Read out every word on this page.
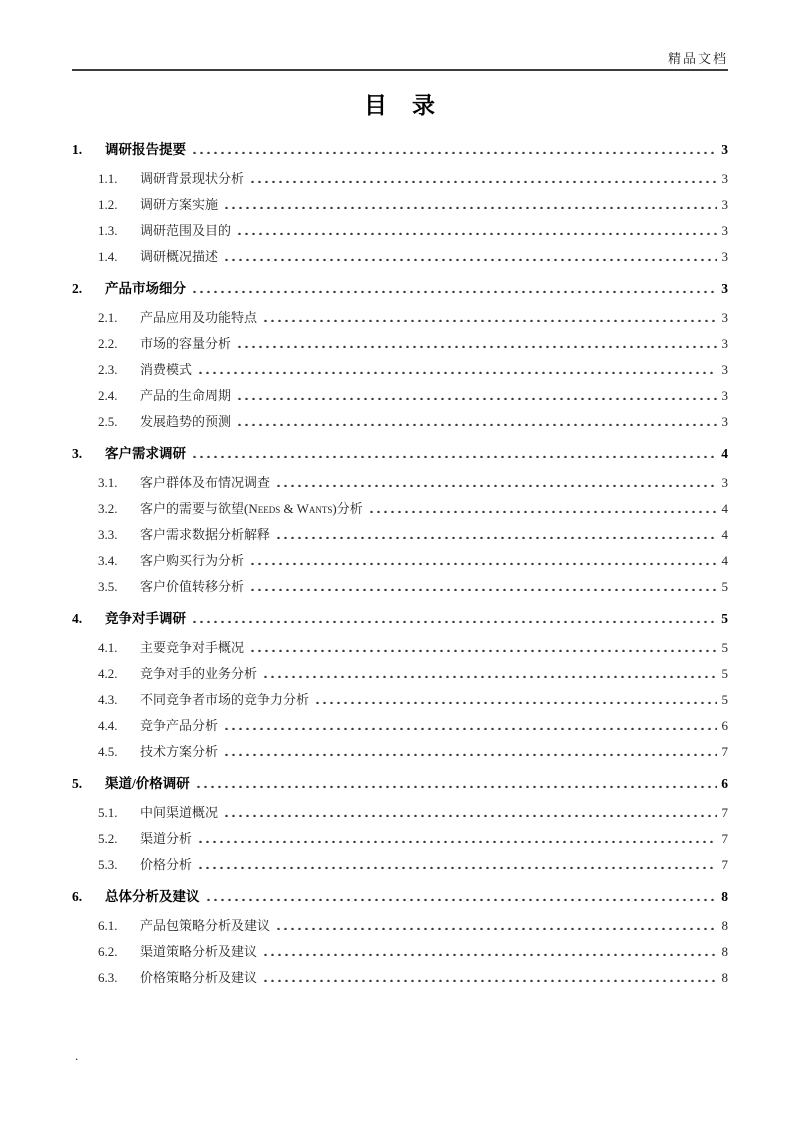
精品文档
目　录
1.	调研报告提要	3
1.1.	调研背景现状分析	3
1.2.	调研方案实施	3
1.3.	调研范围及目的	3
1.4.	调研概况描述	3
2.	产品市场细分	3
2.1.	产品应用及功能特点	3
2.2.	市场的容量分析	3
2.3.	消费模式	3
2.4.	产品的生命周期	3
2.5.	发展趋势的预测	3
3.	客户需求调研	4
3.1.	客户群体及布情况调查	3
3.2.	客户的需要与欲望(Needs & Wants)分析	4
3.3.	客户需求数据分析解释	4
3.4.	客户购买行为分析	4
3.5.	客户价值转移分析	5
4.	竞争对手调研	5
4.1.	主要竞争对手概况	5
4.2.	竞争对手的业务分析	5
4.3.	不同竞争者市场的竞争力分析	5
4.4.	竞争产品分析	6
4.5.	技术方案分析	7
5.	渠道/价格调研	6
5.1.	中间渠道概况	7
5.2.	渠道分析	7
5.3.	价格分析	7
6.	总体分析及建议	8
6.1.	产品包策略分析及建议	8
6.2.	渠道策略分析及建议	8
6.3.	价格策略分析及建议	8
.
